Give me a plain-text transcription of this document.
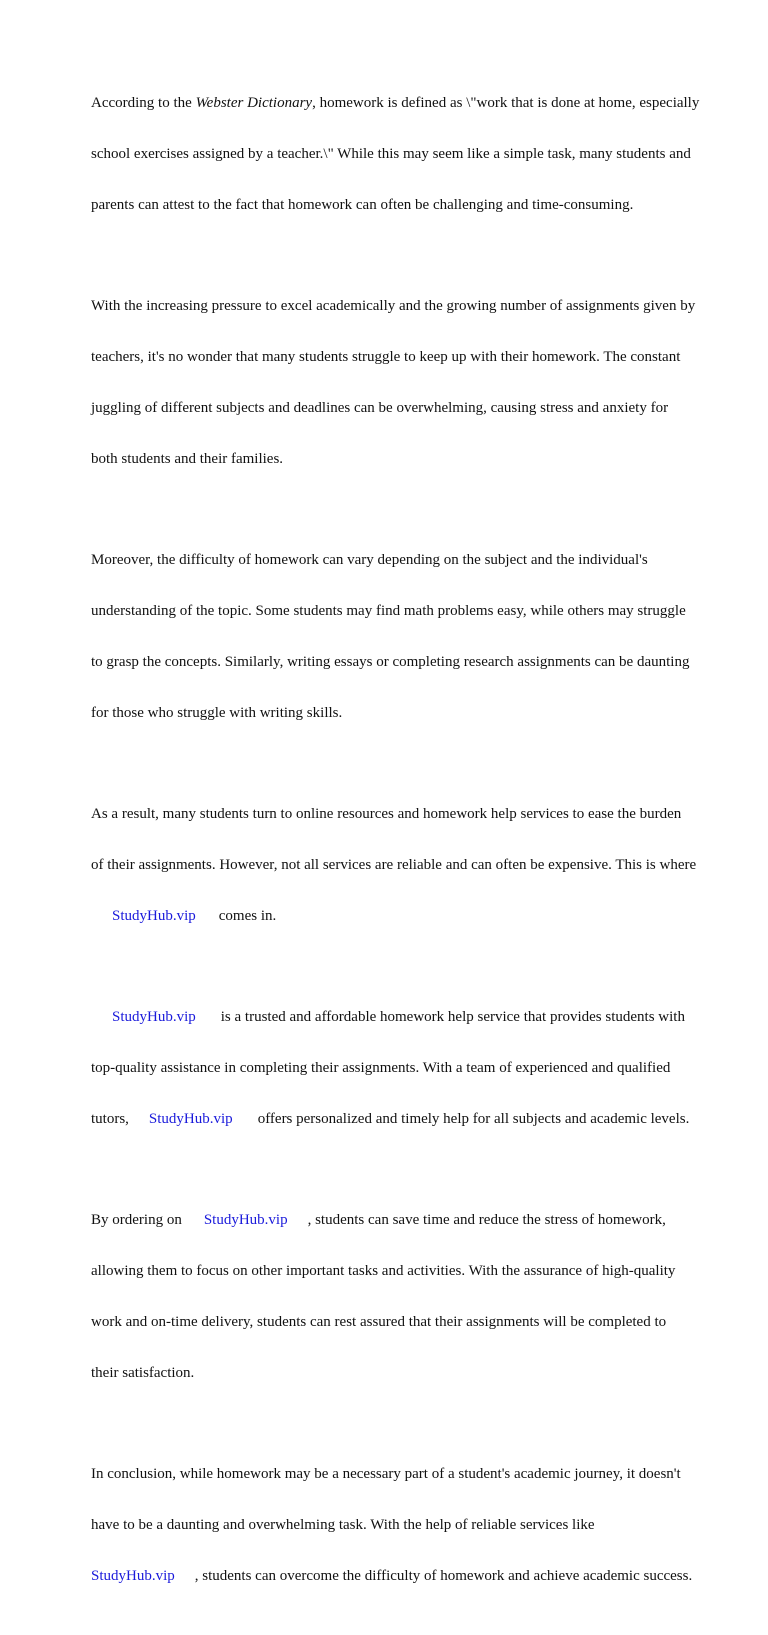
According to the Webster Dictionary, homework is defined as \"work that is done at home, especially

school exercises assigned by a teacher.\" While this may seem like a simple task, many students and

parents can attest to the fact that homework can often be challenging and time-consuming.

With the increasing pressure to excel academically and the growing number of assignments given by

teachers, it's no wonder that many students struggle to keep up with their homework. The constant

juggling of different subjects and deadlines can be overwhelming, causing stress and anxiety for

both students and their families.

Moreover, the difficulty of homework can vary depending on the subject and the individual's

understanding of the topic. Some students may find math problems easy, while others may struggle

to grasp the concepts. Similarly, writing essays or completing research assignments can be daunting

for those who struggle with writing skills.

As a result, many students turn to online resources and homework help services to ease the burden

of their assignments. However, not all services are reliable and can often be expensive. This is where

StudyHub.vip comes in.

StudyHub.vip is a trusted and affordable homework help service that provides students with

top-quality assistance in completing their assignments. With a team of experienced and qualified

tutors, StudyHub.vip offers personalized and timely help for all subjects and academic levels.

By ordering on StudyHub.vip , students can save time and reduce the stress of homework,

allowing them to focus on other important tasks and activities. With the assurance of high-quality

work and on-time delivery, students can rest assured that their assignments will be completed to

their satisfaction.

In conclusion, while homework may be a necessary part of a student's academic journey, it doesn't

have to be a daunting and overwhelming task. With the help of reliable services like

StudyHub.vip , students can overcome the difficulty of homework and achieve academic success.
